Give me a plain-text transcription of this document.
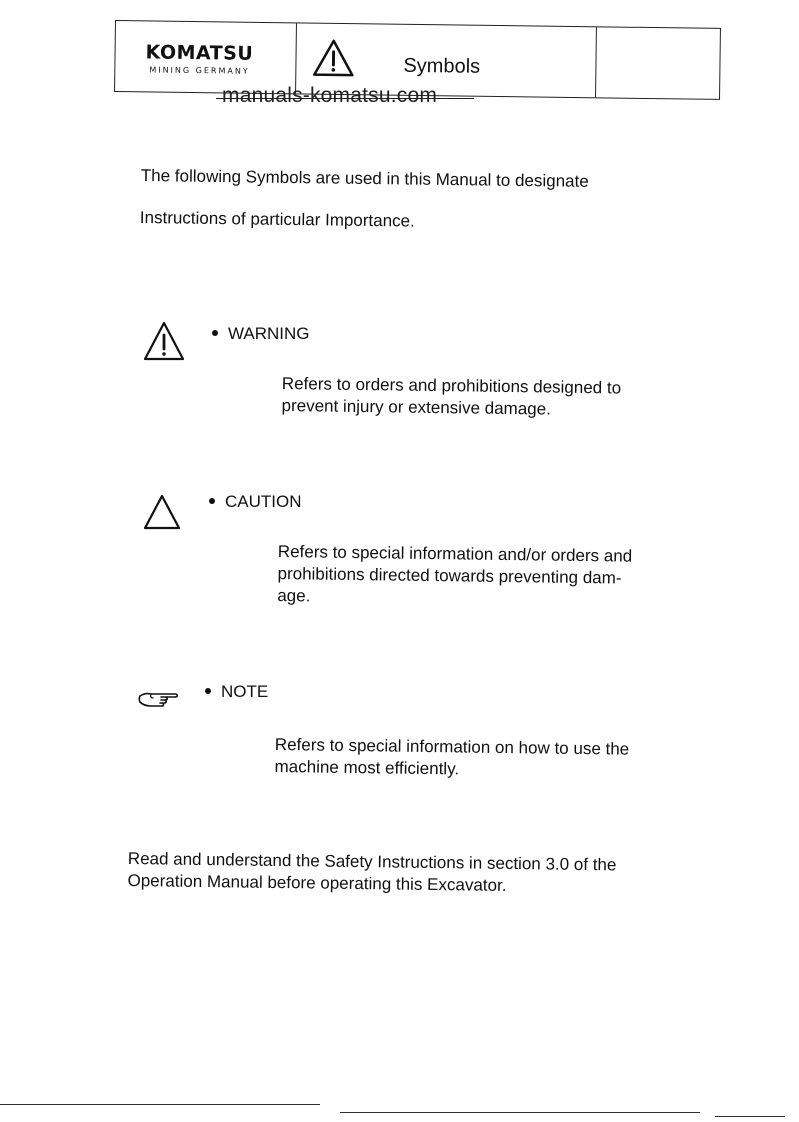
KOMATSU
MINING GERMANY	Symbols
manuals-komatsu.com
The following Symbols are used in this Manual to designate
Instructions of particular Importance.
WARNING
Refers to orders and prohibitions designed to
prevent injury or extensive damage.
CAUTION
Refers to special information and/or orders and
prohibitions directed towards preventing dam-
age.
NOTE
Refers to special information on how to use the
machine most efficiently.
Read and understand the Safety Instructions in section 3.0 of the
Operation Manual before operating this Excavator.
